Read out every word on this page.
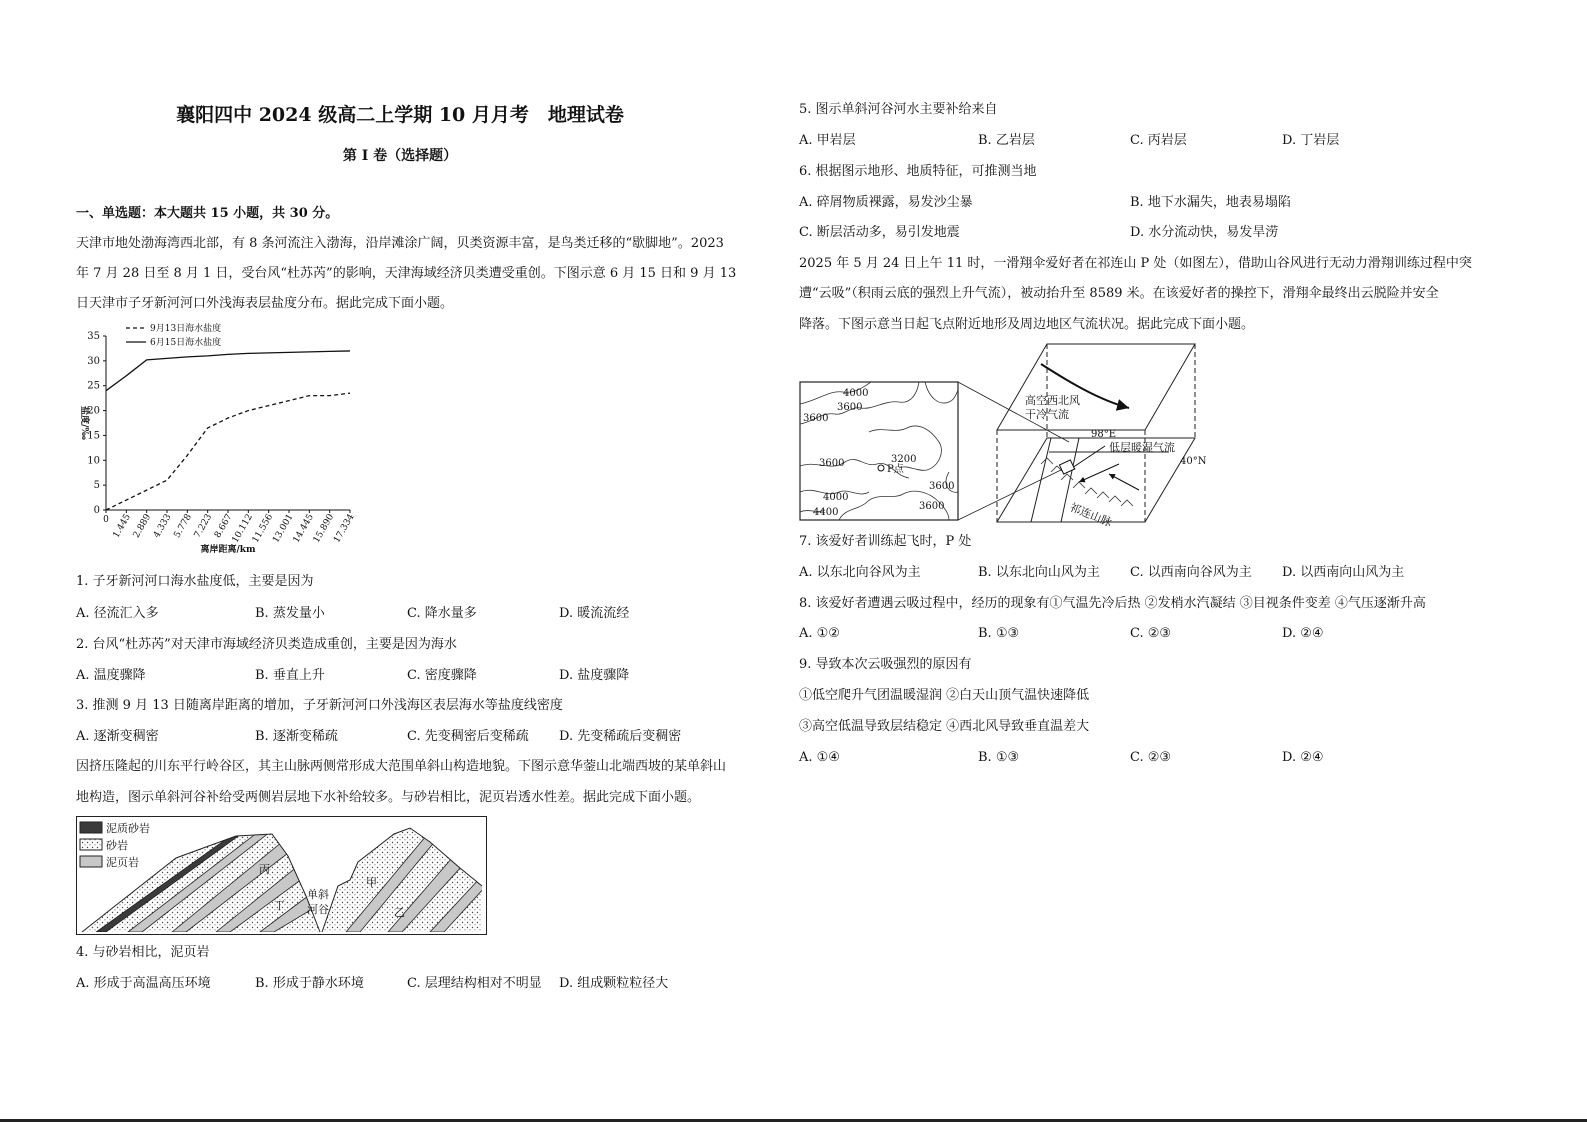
襄阳四中 2024 级高二上学期 10 月月考　地理试卷
第 I 卷（选择题）
一、单选题：本大题共 15 小题，共 30 分。
天津市地处渤海湾西北部，有 8 条河流注入渤海，沿岸滩涂广阔，贝类资源丰富，是鸟类迁移的“歇脚地”。2023
年 7 月 28 日至 8 月 1 日，受台风“杜苏芮”的影响，天津海域经济贝类遭受重创。下图示意 6 月 15 日和 9 月 13
日天津市子牙新河河口外浅海表层盐度分布。据此完成下面小题。
0
5
10
15
20
25
30
35
0 1.445
2.889
4.333
5.778
7.223
8.667
10.112
11.556
13.001
14.445
15.890
17.334
离岸距离/km
盐度/‰
9月13日海水盐度
6月15日海水盐度
1. 子牙新河河口海水盐度低，主要是因为
A. 径流汇入多	B. 蒸发量小	C. 降水量多	D. 暖流流经
2. 台风“杜苏芮”对天津市海域经济贝类造成重创，主要是因为海水
A. 温度骤降	B. 垂直上升	C. 密度骤降	D. 盐度骤降
3. 推测 9 月 13 日随离岸距离的增加，子牙新河河口外浅海区表层海水等盐度线密度
A. 逐渐变稠密	B. 逐渐变稀疏	C. 先变稠密后变稀疏 D. 先变稀疏后变稠密
因挤压隆起的川东平行岭谷区，其主山脉两侧常形成大范围单斜山构造地貌。下图示意华蓥山北端西坡的某单斜山
地构造，图示单斜河谷补给受两侧岩层地下水补给较多。与砂岩相比，泥页岩透水性差。据此完成下面小题。
泥质砂岩
砂岩
泥页岩
丙
丁
甲
乙
单斜
河谷
4. 与砂岩相比，泥页岩
A. 形成于高温高压环境	B. 形成于静水环境	C. 层理结构相对不明显 D. 组成颗粒粒径大
5. 图示单斜河谷河水主要补给来自
A. 甲岩层	B. 乙岩层	C. 丙岩层	D. 丁岩层
6. 根据图示地形、地质特征，可推测当地
A. 碎屑物质裸露，易发沙尘暴	B. 地下水漏失，地表易塌陷
C. 断层活动多，易引发地震	D. 水分流动快，易发旱涝
2025 年 5 月 24 日上午 11 时，一滑翔伞爱好者在祁连山 P 处（如图左），借助山谷风进行无动力滑翔训练过程中突
遭“云吸”（积雨云底的强烈上升气流），被动抬升至 8589 米。在该爱好者的操控下，滑翔伞最终出云脱险并安全
降落。下图示意当日起飞点附近地形及周边地区气流状况。据此完成下面小题。
4000
3600
3600
3200
3600
3600
4000
4400
3600
P点
高空西北风
干冷气流
98°E
40°N
低层暖湿气流
祁连山脉
7. 该爱好者训练起飞时，P 处
A. 以东北向谷风为主	B. 以东北向山风为主 C. 以西南向谷风为主 D. 以西南向山风为主
8. 该爱好者遭遇云吸过程中，经历的现象有①气温先冷后热 ②发梢水汽凝结 ③目视条件变差 ④气压逐渐升高
A. ①②	B. ①③	C. ②③	D. ②④
9. 导致本次云吸强烈的原因有
①低空爬升气团温暖湿润 ②白天山顶气温快速降低
③高空低温导致层结稳定 ④西北风导致垂直温差大
A. ①④	B. ①③	C. ②③	D. ②④
